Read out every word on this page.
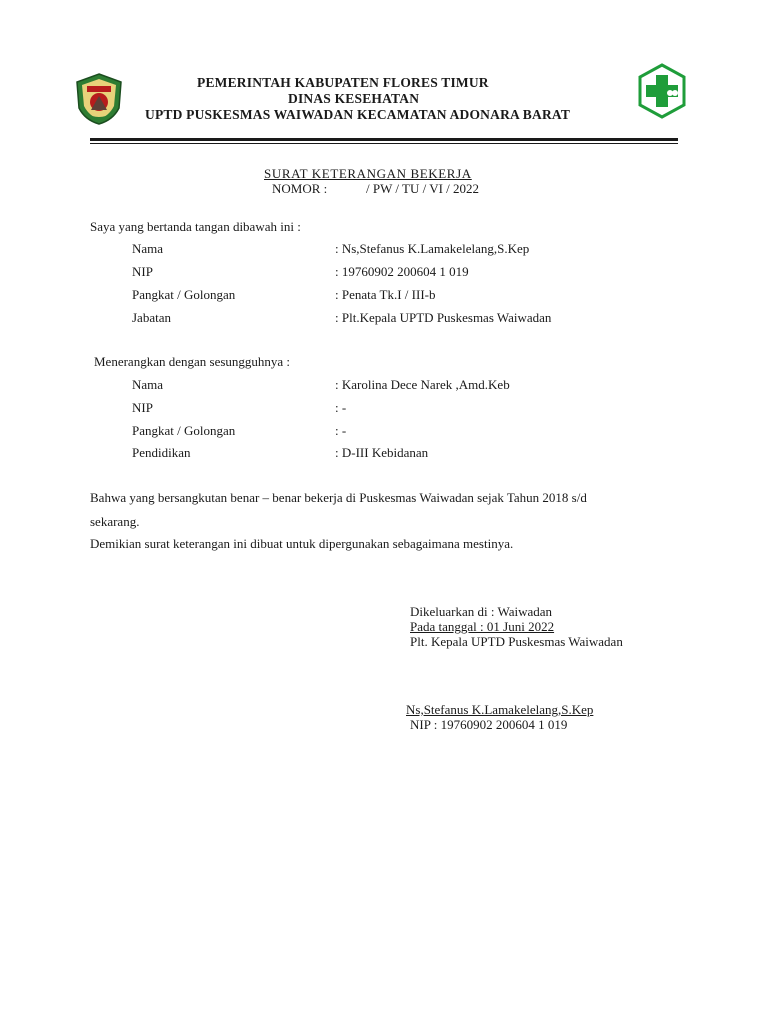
PEMERINTAH KABUPATEN FLORES TIMUR
DINAS KESEHATAN
UPTD PUSKESMAS WAIWADAN KECAMATAN ADONARA BARAT
SURAT KETERANGAN BEKERJA
NOMOR :	/ PW / TU / VI / 2022
Saya yang bertanda tangan dibawah ini :
Nama	: Ns,Stefanus K.Lamakelelang,S.Kep
NIP	: 19760902 200604 1 019
Pangkat / Golongan	: Penata Tk.I / III-b
Jabatan	: Plt.Kepala UPTD Puskesmas Waiwadan
Menerangkan dengan sesungguhnya :
Nama	: Karolina Dece Narek ,Amd.Keb
NIP	: -
Pangkat / Golongan	: -
Pendidikan	: D-III Kebidanan
Bahwa yang bersangkutan benar – benar bekerja di Puskesmas Waiwadan sejak Tahun 2018 s/d
sekarang.
Demikian surat keterangan ini dibuat untuk dipergunakan sebagaimana mestinya.
Dikeluarkan di : Waiwadan
Pada tanggal : 01 Juni 2022
Plt. Kepala UPTD Puskesmas Waiwadan
Ns,Stefanus K.Lamakelelang,S.Kep
NIP : 19760902 200604 1 019
